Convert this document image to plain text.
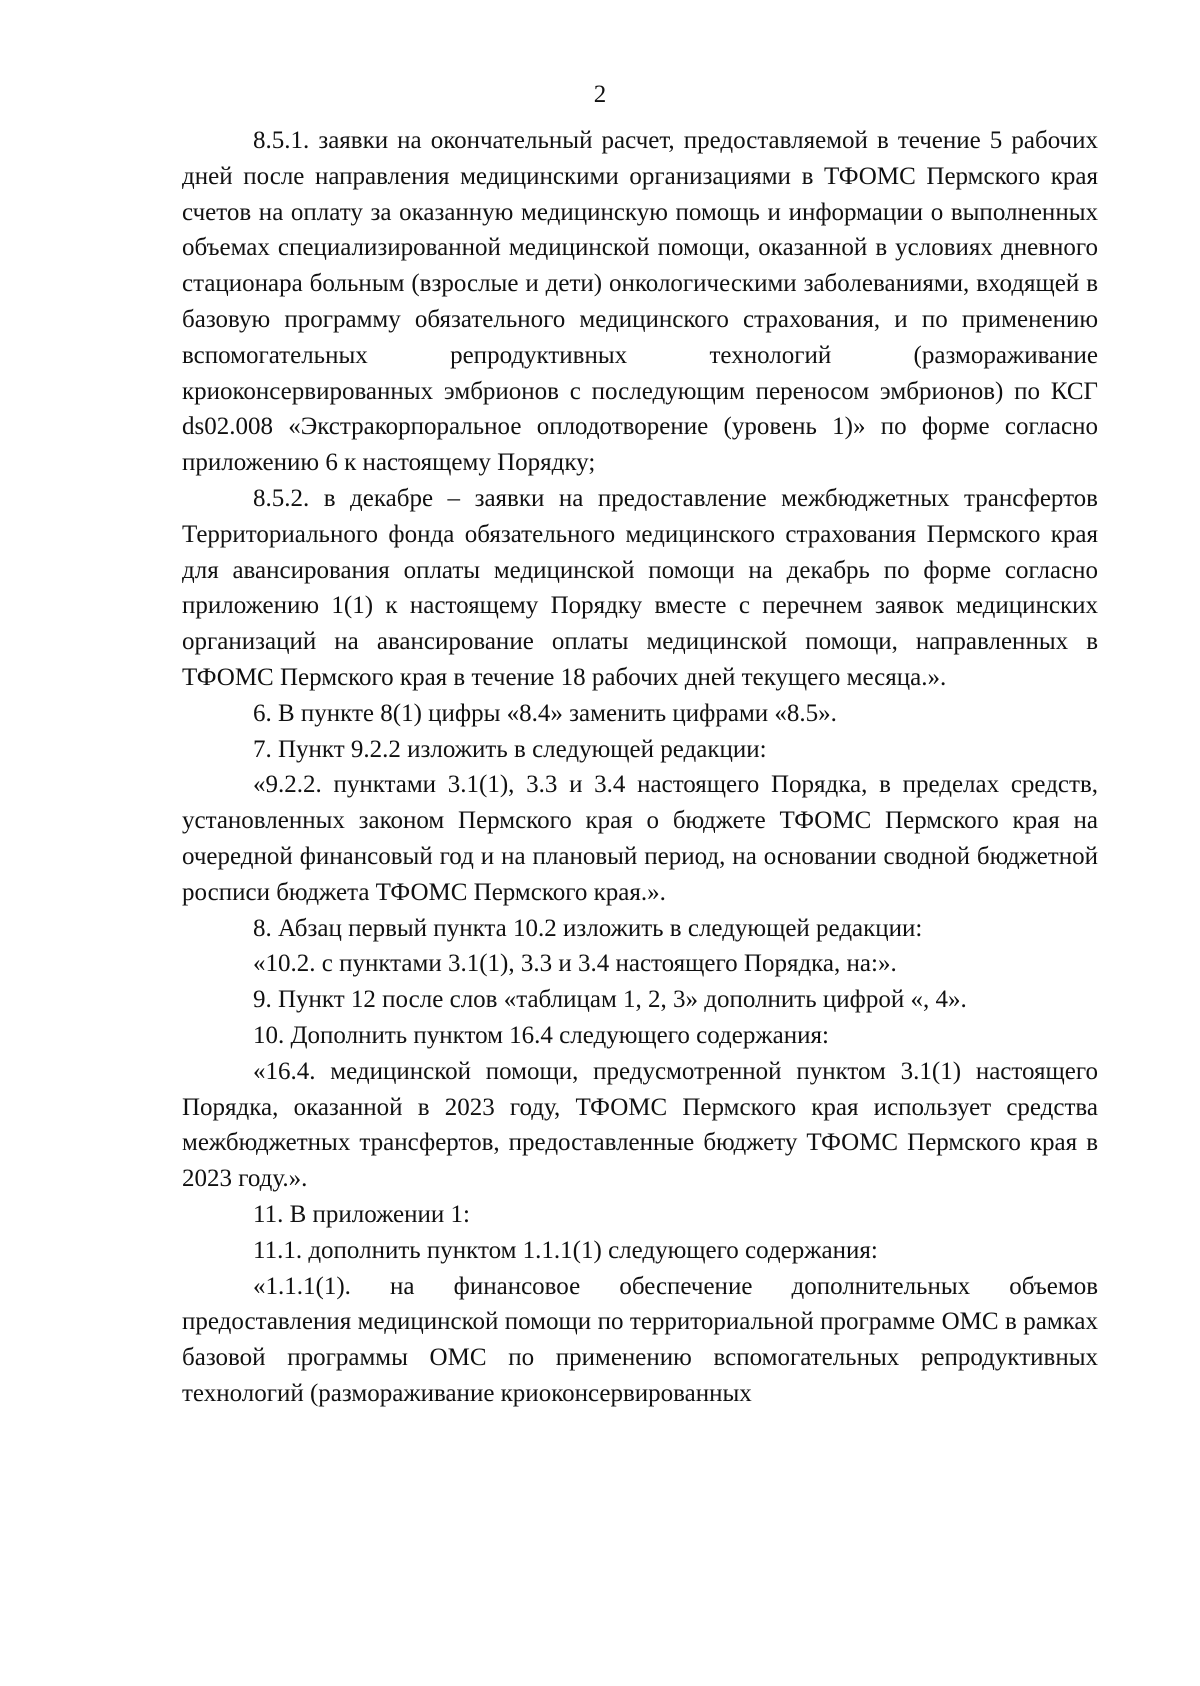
2

8.5.1. заявки на окончательный расчет, предоставляемой в течение 5 рабочих дней после направления медицинскими организациями в ТФОМС Пермского края счетов на оплату за оказанную медицинскую помощь и информации о выполненных объемах специализированной медицинской помощи, оказанной в условиях дневного стационара больным (взрослые и дети) онкологическими заболеваниями, входящей в базовую программу обязательного медицинского страхования, и по применению вспомогательных репродуктивных технологий (размораживание криоконсервированных эмбрионов с последующим переносом эмбрионов) по КСГ ds02.008 «Экстракорпоральное оплодотворение (уровень 1)» по форме согласно приложению 6 к настоящему Порядку;

8.5.2. в декабре – заявки на предоставление межбюджетных трансфертов Территориального фонда обязательного медицинского страхования Пермского края для авансирования оплаты медицинской помощи на декабрь по форме согласно приложению 1(1) к настоящему Порядку вместе с перечнем заявок медицинских организаций на авансирование оплаты медицинской помощи, направленных в ТФОМС Пермского края в течение 18 рабочих дней текущего месяца.».

6. В пункте 8(1) цифры «8.4» заменить цифрами «8.5».

7. Пункт 9.2.2 изложить в следующей редакции:

«9.2.2. пунктами 3.1(1), 3.3 и 3.4 настоящего Порядка, в пределах средств, установленных законом Пермского края о бюджете ТФОМС Пермского края на очередной финансовый год и на плановый период, на основании сводной бюджетной росписи бюджета ТФОМС Пермского края.».

8. Абзац первый пункта 10.2 изложить в следующей редакции:

«10.2. с пунктами 3.1(1), 3.3 и 3.4 настоящего Порядка, на:».

9. Пункт 12 после слов «таблицам 1, 2, 3» дополнить цифрой «, 4».

10. Дополнить пунктом 16.4 следующего содержания:

«16.4. медицинской помощи, предусмотренной пунктом 3.1(1) настоящего Порядка, оказанной в 2023 году, ТФОМС Пермского края использует средства межбюджетных трансфертов, предоставленные бюджету ТФОМС Пермского края в 2023 году.».

11. В приложении 1:

11.1. дополнить пунктом 1.1.1(1) следующего содержания:

«1.1.1(1). на финансовое обеспечение дополнительных объемов предоставления медицинской помощи по территориальной программе ОМС в рамках базовой программы ОМС по применению вспомогательных репродуктивных технологий (размораживание криоконсервированных
